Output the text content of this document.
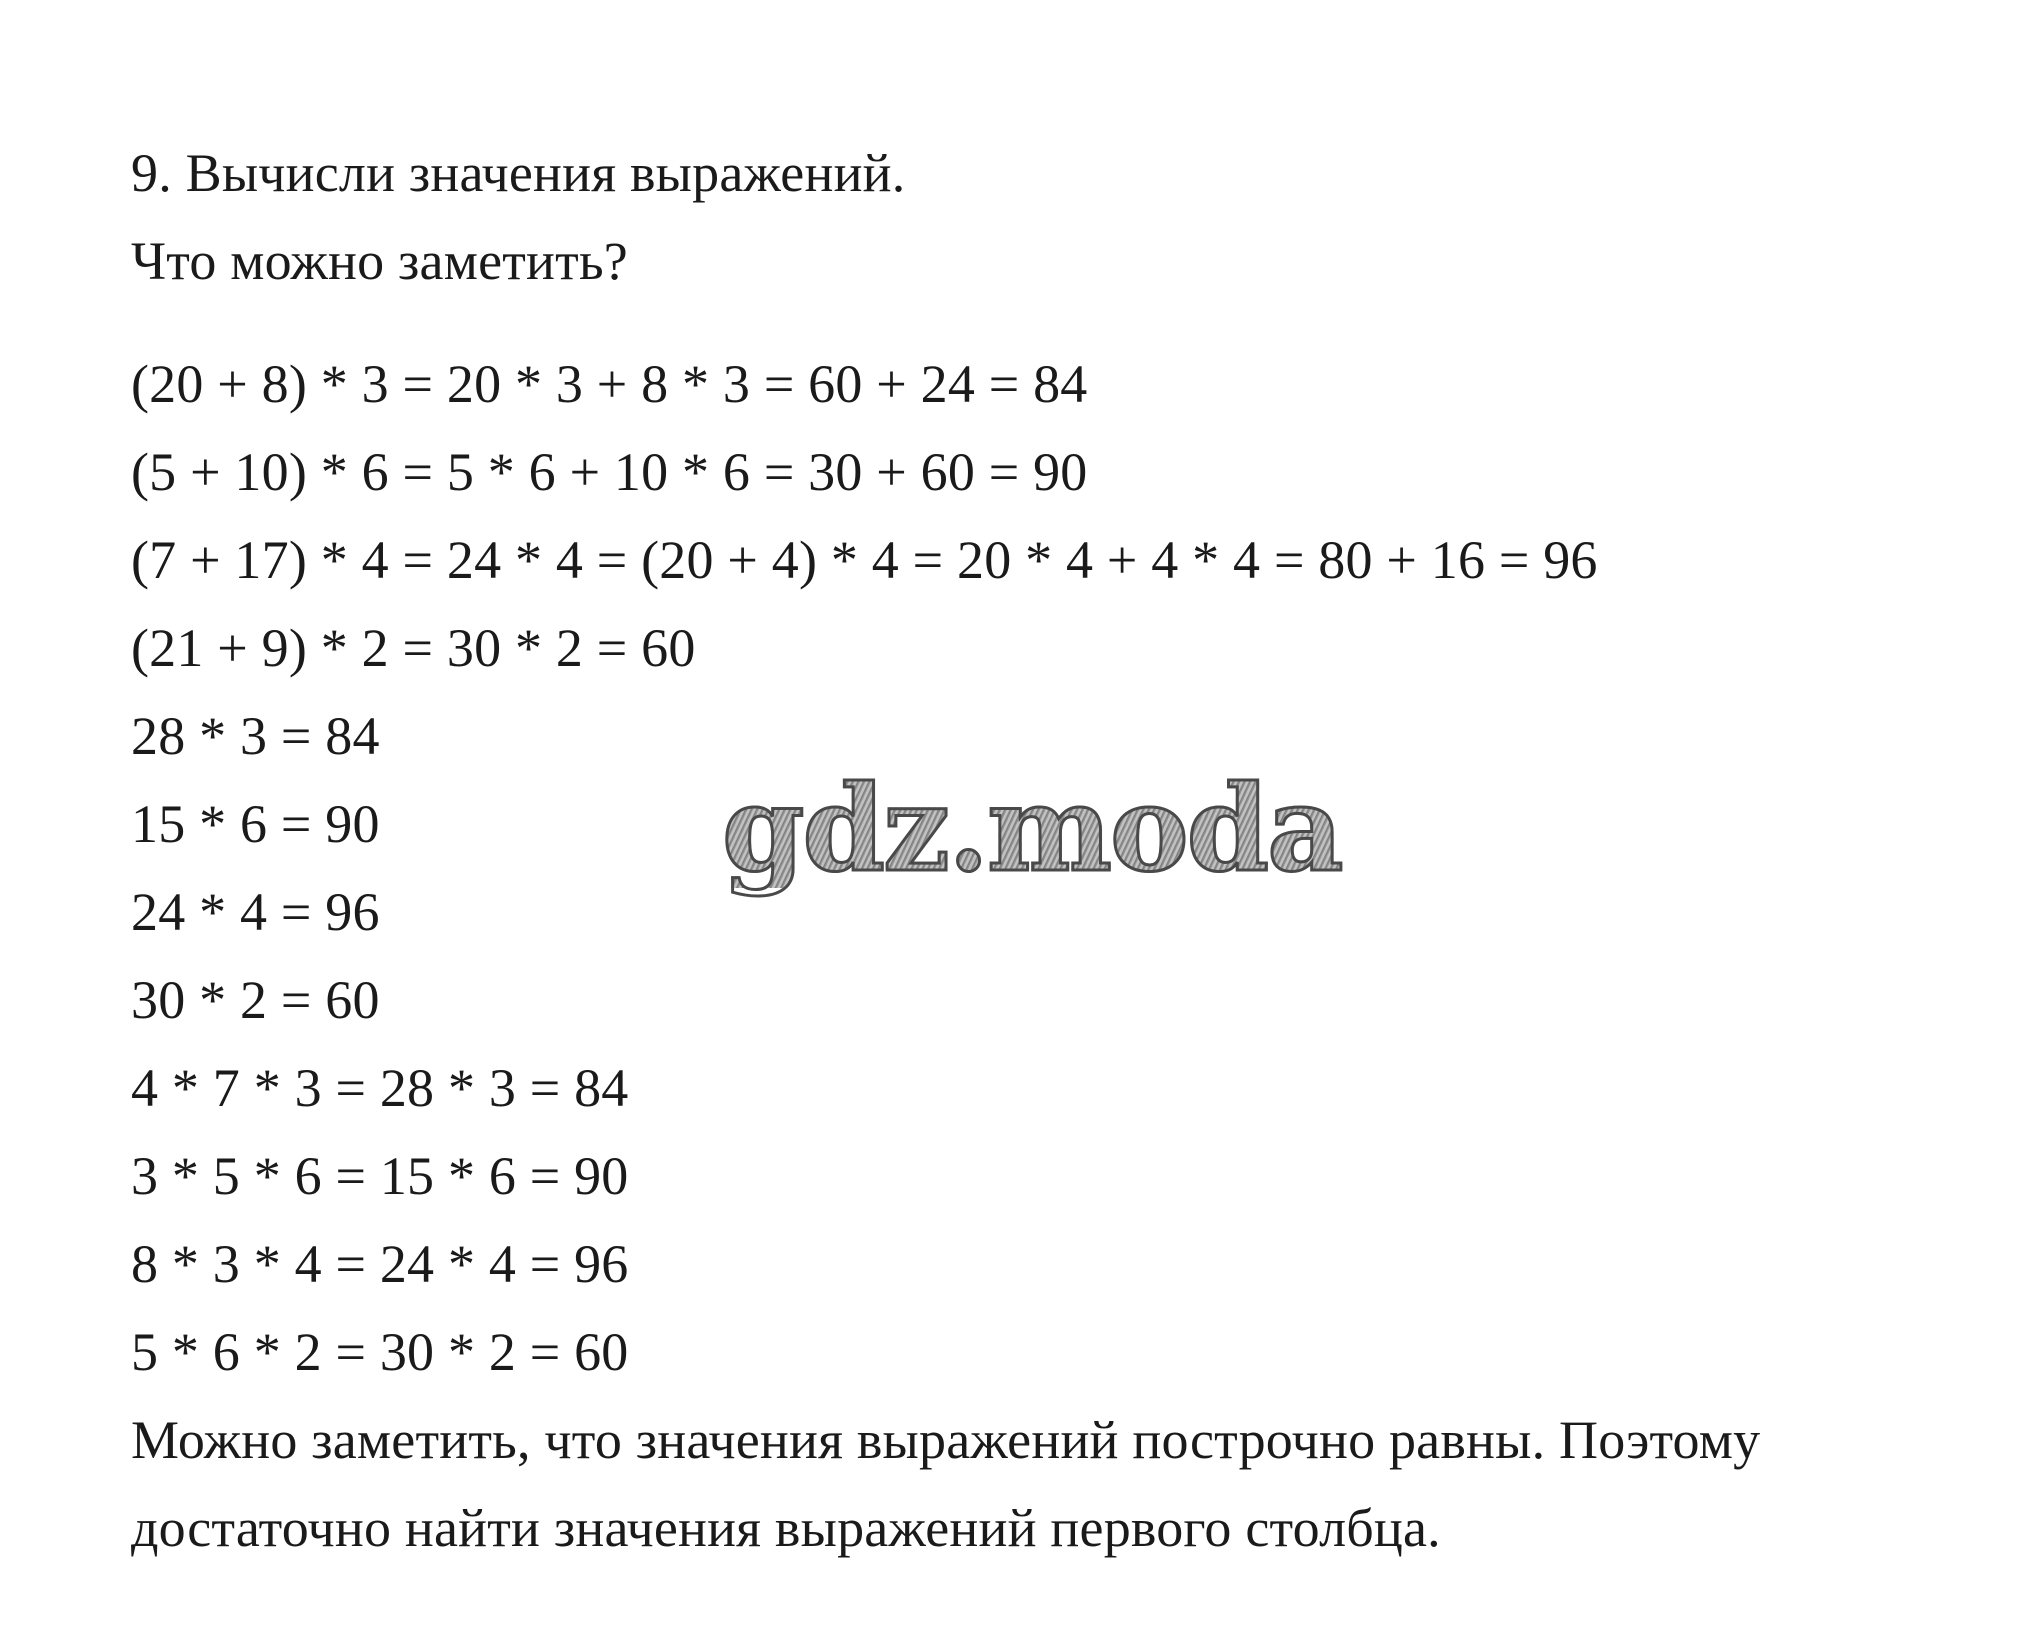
9. Вычисли значения выражений.
Что можно заметить?
(20 + 8) * 3 = 20 * 3 + 8 * 3 = 60 + 24 = 84
(5 + 10) * 6 = 5 * 6 + 10 * 6 = 30 + 60 = 90
(7 + 17) * 4 = 24 * 4 = (20 + 4) * 4 = 20 * 4 + 4 * 4 = 80 + 16 = 96
(21 + 9) * 2 = 30 * 2 = 60
28 * 3 = 84
15 * 6 = 90
24 * 4 = 96
30 * 2 = 60
4 * 7 * 3 = 28 * 3 = 84
3 * 5 * 6 = 15 * 6 = 90
8 * 3 * 4 = 24 * 4 = 96
5 * 6 * 2 = 30 * 2 = 60
Можно заметить, что значения выражений построчно равны. Поэтому
достаточно найти значения выражений первого столбца.
gdz.moda
